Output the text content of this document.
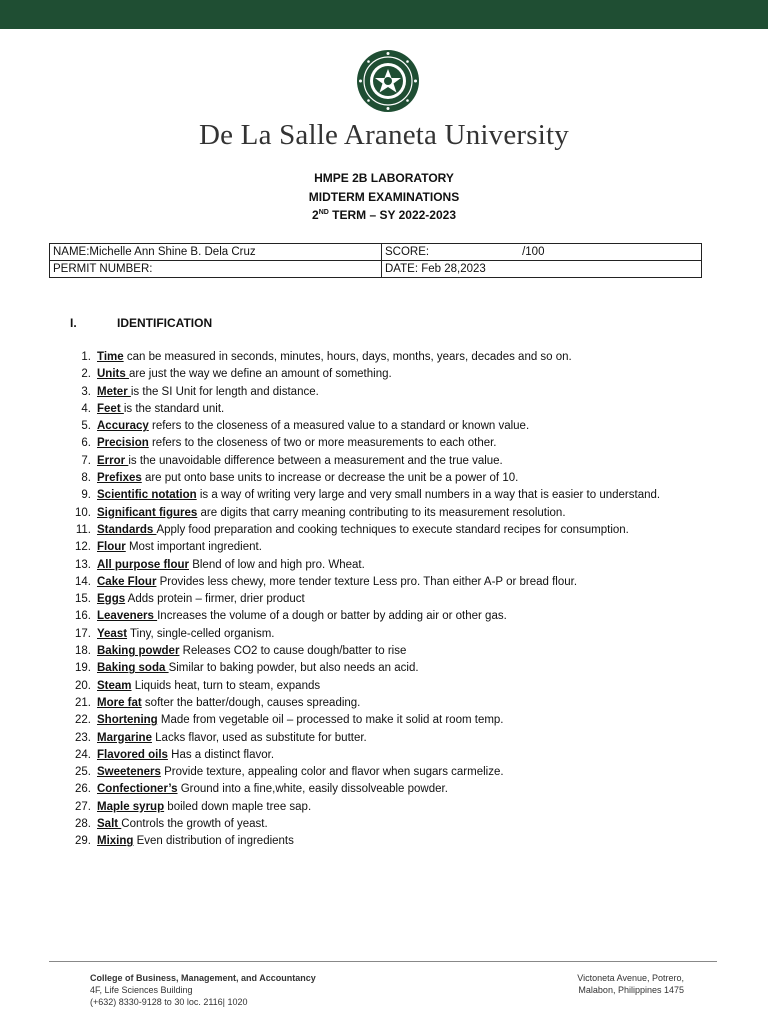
De La Salle Araneta University
HMPE 2B LABORATORY
MIDTERM EXAMINATIONS
2ND TERM – SY 2022-2023
NAME:Michelle Ann Shine B. Dela Cruz	SCORE: /100
PERMIT NUMBER:	DATE: Feb 28,2023
I.	IDENTIFICATION
1. Time can be measured in seconds, minutes, hours, days, months, years, decades and so on.
2. Units are just the way we define an amount of something.
3. Meter is the SI Unit for length and distance.
4. Feet is the standard unit.
5. Accuracy refers to the closeness of a measured value to a standard or known value.
6. Precision refers to the closeness of two or more measurements to each other.
7. Error is the unavoidable difference between a measurement and the true value.
8. Prefixes are put onto base units to increase or decrease the unit be a power of 10.
9. Scientific notation is a way of writing very large and very small numbers in a way that is easier to understand.
10. Significant figures are digits that carry meaning contributing to its measurement resolution.
11. Standards Apply food preparation and cooking techniques to execute standard recipes for consumption.
12. Flour Most important ingredient.
13. All purpose flour Blend of low and high pro. Wheat.
14. Cake Flour Provides less chewy, more tender texture Less pro. Than either A-P or bread flour.
15. Eggs Adds protein – firmer, drier product
16. Leaveners Increases the volume of a dough or batter by adding air or other gas.
17. Yeast Tiny, single-celled organism.
18. Baking powder Releases CO2 to cause dough/batter to rise
19. Baking soda Similar to baking powder, but also needs an acid.
20. Steam Liquids heat, turn to steam, expands
21. More fat softer the batter/dough, causes spreading.
22. Shortening Made from vegetable oil – processed to make it solid at room temp.
23. Margarine Lacks flavor, used as substitute for butter.
24. Flavored oils Has a distinct flavor.
25. Sweeteners Provide texture, appealing color and flavor when sugars carmelize.
26. Confectioner’s Ground into a fine,white, easily dissolveable powder.
27. Maple syrup boiled down maple tree sap.
28. Salt Controls the growth of yeast.
29. Mixing Even distribution of ingredients
College of Business, Management, and Accountancy
4F, Life Sciences Building
(+632) 8330-9128 to 30 loc. 2116| 1020
Victoneta Avenue, Potrero,
Malabon, Philippines 1475
